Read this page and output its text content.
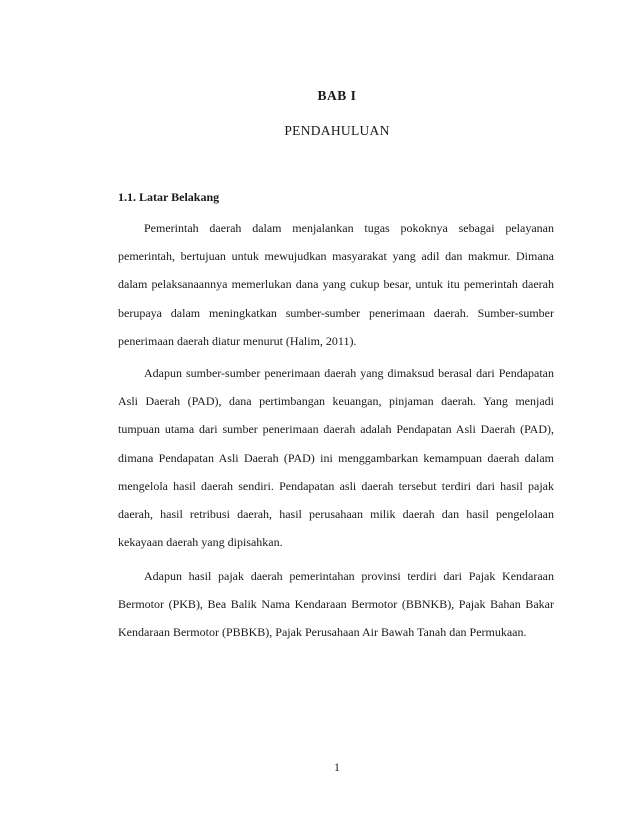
BAB I
PENDAHULUAN
1.1. Latar Belakang

Pemerintah daerah dalam menjalankan tugas pokoknya sebagai pelayanan pemerintah, bertujuan untuk mewujudkan masyarakat yang adil dan makmur. Dimana dalam pelaksanaannya memerlukan dana yang cukup besar, untuk itu pemerintah daerah berupaya dalam meningkatkan sumber-sumber penerimaan daerah. Sumber-sumber penerimaan daerah diatur menurut (Halim, 2011).

Adapun sumber-sumber penerimaan daerah yang dimaksud berasal dari Pendapatan Asli Daerah (PAD), dana pertimbangan keuangan, pinjaman daerah. Yang menjadi tumpuan utama dari sumber penerimaan daerah adalah Pendapatan Asli Daerah (PAD), dimana Pendapatan Asli Daerah (PAD) ini menggambarkan kemampuan daerah dalam mengelola hasil daerah sendiri. Pendapatan asli daerah tersebut terdiri dari hasil pajak daerah, hasil retribusi daerah, hasil perusahaan milik daerah dan hasil pengelolaan kekayaan daerah yang dipisahkan.

Adapun hasil pajak daerah pemerintahan provinsi terdiri dari Pajak Kendaraan Bermotor (PKB), Bea Balik Nama Kendaraan Bermotor (BBNKB), Pajak Bahan Bakar Kendaraan Bermotor (PBBKB), Pajak Perusahaan Air Bawah Tanah dan Permukaan.

1
